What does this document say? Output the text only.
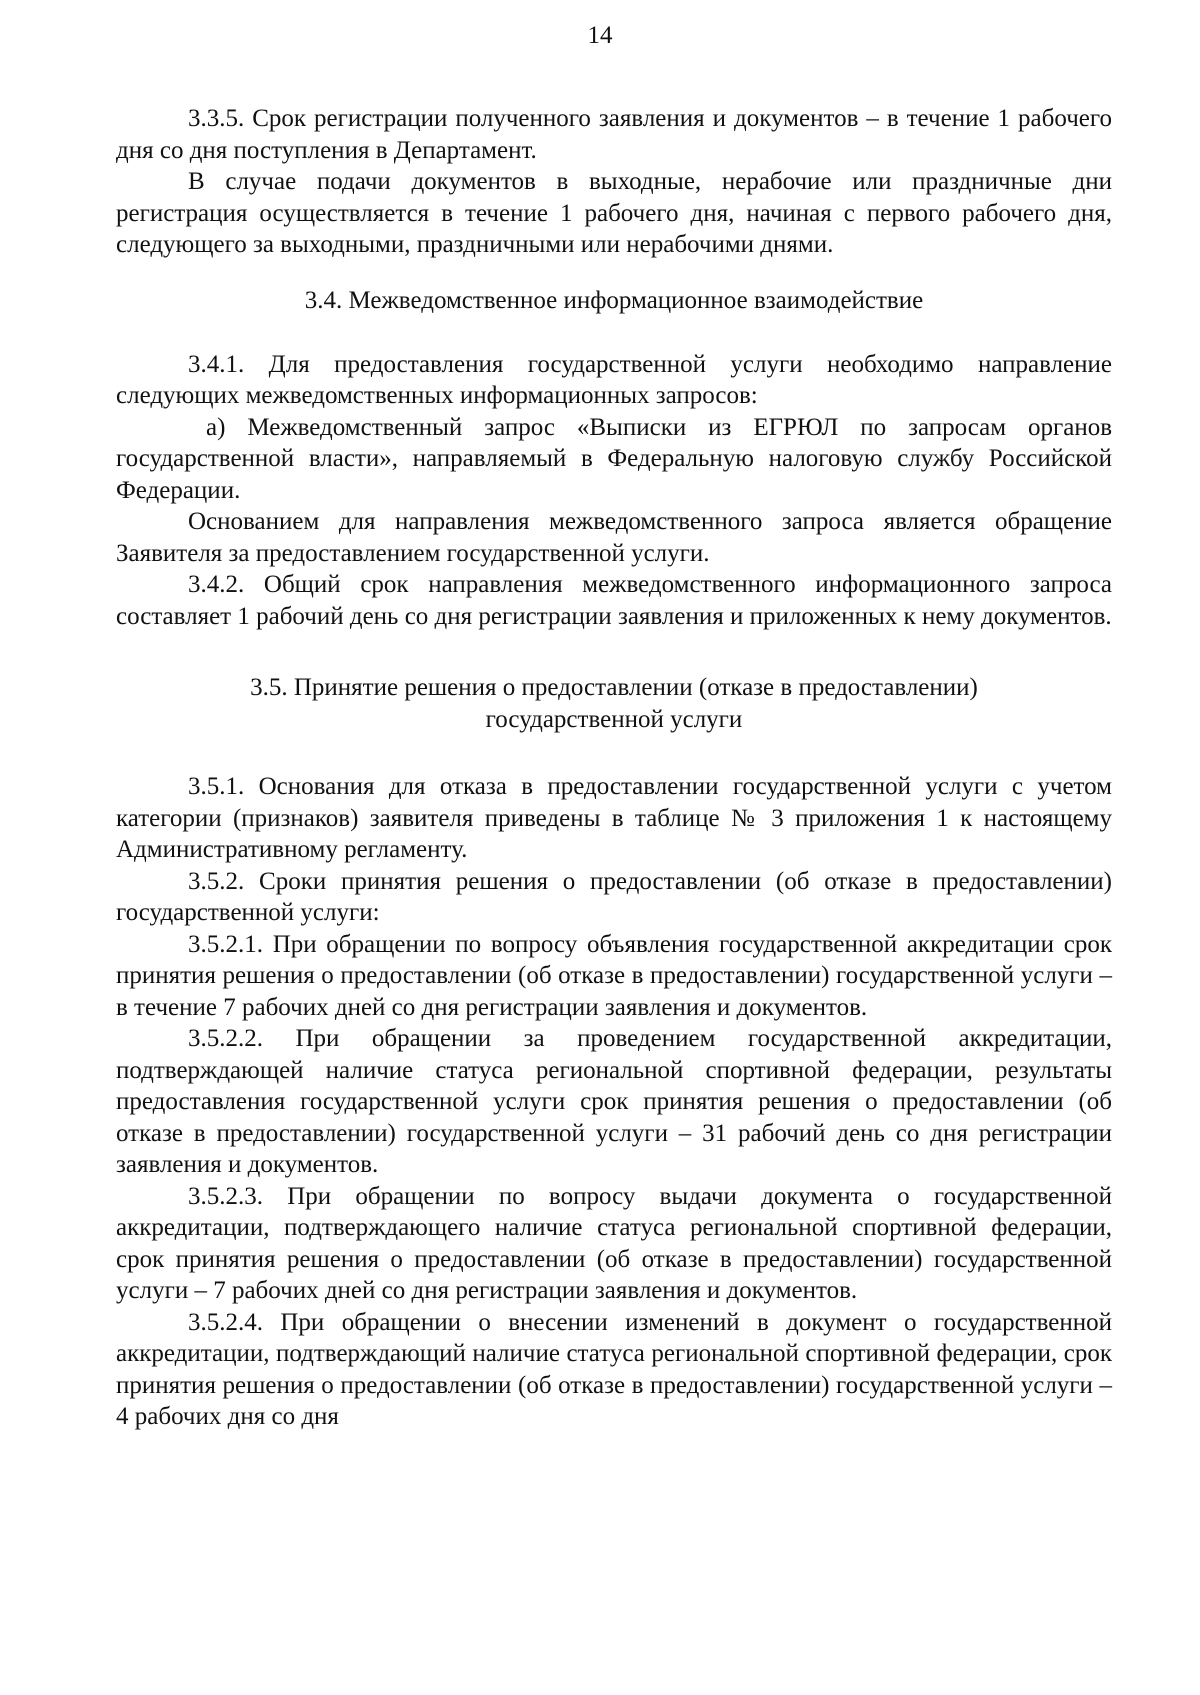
14

3.3.5. Срок регистрации полученного заявления и документов – в течение 1 рабочего дня со дня поступления в Департамент.

В случае подачи документов в выходные, нерабочие или праздничные дни регистрация осуществляется в течение 1 рабочего дня, начиная с первого рабочего дня, следующего за выходными, праздничными или нерабочими днями.

3.4. Межведомственное информационное взаимодействие

3.4.1. Для предоставления государственной услуги необходимо направление следующих межведомственных информационных запросов:

а) Межведомственный запрос «Выписки из ЕГРЮЛ по запросам органов государственной власти», направляемый в Федеральную налоговую службу Российской Федерации.

Основанием для направления межведомственного запроса является обращение Заявителя за предоставлением государственной услуги.

3.4.2. Общий срок направления межведомственного информационного запроса составляет 1 рабочий день со дня регистрации заявления и приложенных к нему документов.

3.5. Принятие решения о предоставлении (отказе в предоставлении)

государственной услуги

3.5.1. Основания для отказа в предоставлении государственной услуги с учетом категории (признаков) заявителя приведены в таблице № 3 приложения 1 к настоящему Административному регламенту.

3.5.2. Сроки принятия решения о предоставлении (об отказе в предоставлении) государственной услуги:

3.5.2.1. При обращении по вопросу объявления государственной аккредитации срок принятия решения о предоставлении (об отказе в предоставлении) государственной услуги – в течение 7 рабочих дней со дня регистрации заявления и документов.

3.5.2.2. При обращении за проведением государственной аккредитации, подтверждающей наличие статуса региональной спортивной федерации, результаты предоставления государственной услуги срок принятия решения о предоставлении (об отказе в предоставлении) государственной услуги – 31 рабочий день со дня регистрации заявления и документов.

3.5.2.3. При обращении по вопросу выдачи документа о государственной аккредитации, подтверждающего наличие статуса региональной спортивной федерации, срок принятия решения о предоставлении (об отказе в предоставлении) государственной услуги – 7 рабочих дней со дня регистрации заявления и документов.

3.5.2.4. При обращении о внесении изменений в документ о государственной аккредитации, подтверждающий наличие статуса региональной спортивной федерации, срок принятия решения о предоставлении (об отказе в предоставлении) государственной услуги – 4 рабочих дня со дня
